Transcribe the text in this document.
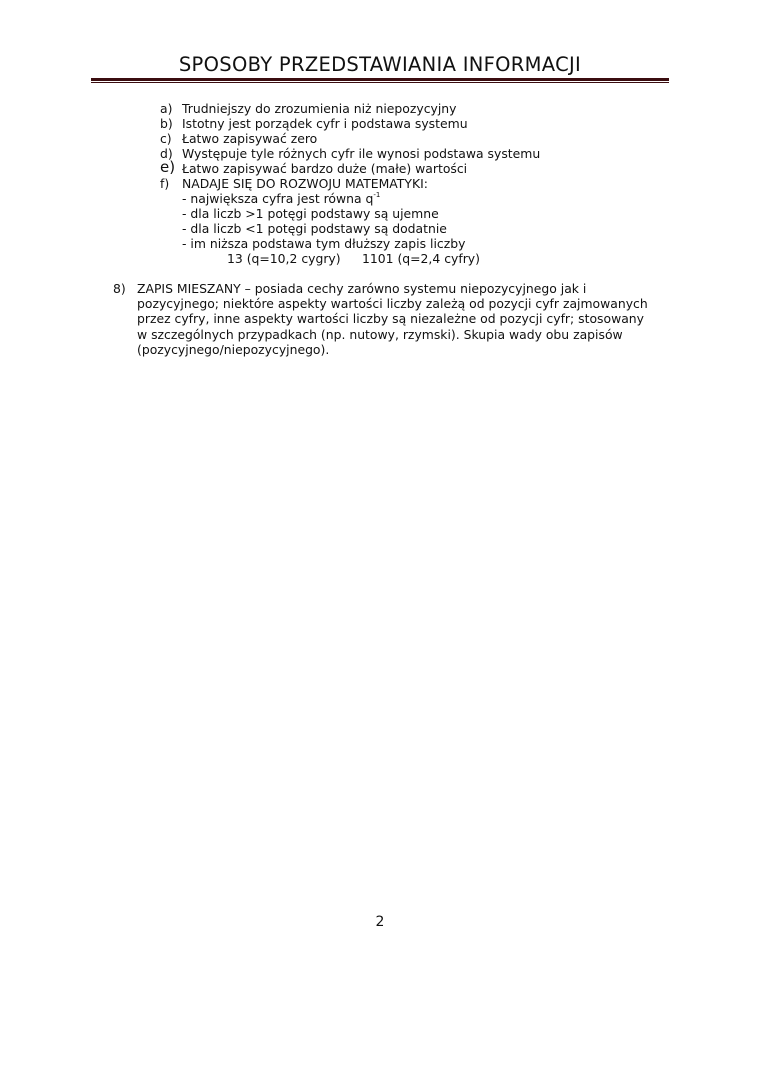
SPOSOBY PRZEDSTAWIANIA INFORMACJI
a) Trudniejszy do zrozumienia niż niepozycyjny
b) Istotny jest porządek cyfr i podstawa systemu
c) Łatwo zapisywać zero
d) Występuje tyle różnych cyfr ile wynosi podstawa systemu
e) Łatwo zapisywać bardzo duże (małe) wartości
f) NADAJE SIĘ DO ROZWOJU MATEMATYKI:
- największa cyfra jest równa $q^{-1}$
- dla liczb >1 potęgi podstawy są ujemne
- dla liczb <1 potęgi podstawy są dodatnie
- im niższa podstawa tym dłuższy zapis liczby
13 (q=10,2 cygry) 1101 (q=2,4 cyfry)
8) ZAPIS MIESZANY – posiada cechy zarówno systemu niepozycyjnego jak i
pozycyjnego; niektóre aspekty wartości liczby zależą od pozycji cyfr zajmowanych
przez cyfry, inne aspekty wartości liczby są niezależne od pozycji cyfr; stosowany
w szczególnych przypadkach (np. nutowy, rzymski). Skupia wady obu zapisów
(pozycyjnego/niepozycyjnego).
2
